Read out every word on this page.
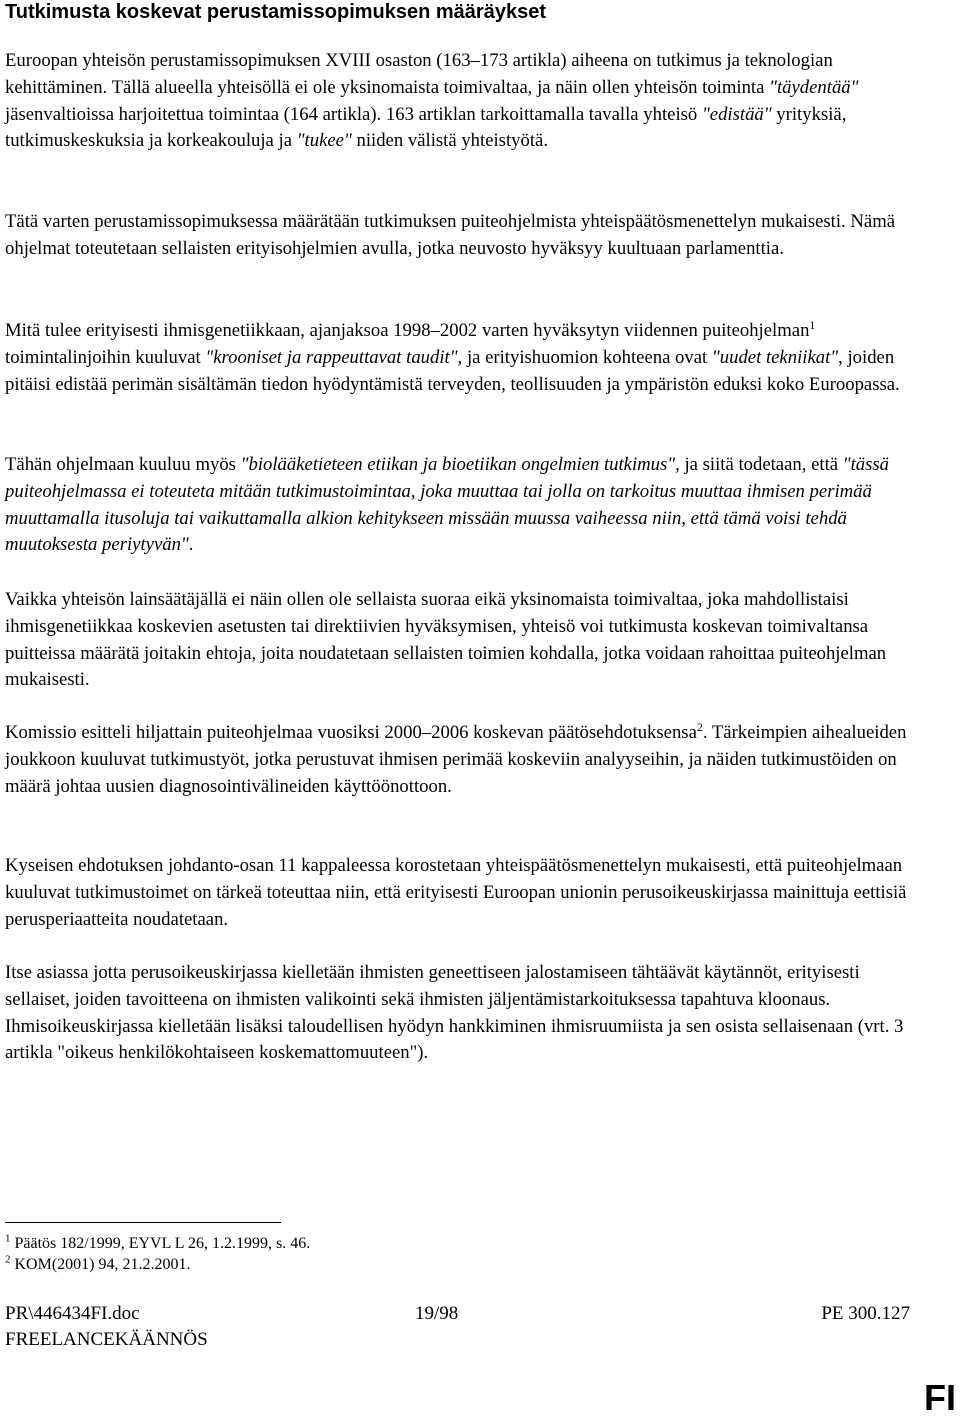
Tutkimusta koskevat perustamissopimuksen määräykset

Euroopan yhteisön perustamissopimuksen XVIII osaston (163–173 artikla) aiheena on tutkimus ja teknologian kehittäminen. Tällä alueella yhteisöllä ei ole yksinomaista toimivaltaa, ja näin ollen yhteisön toiminta "täydentää" jäsenvaltioissa harjoitettua toimintaa (164 artikla). 163 artiklan tarkoittamalla tavalla yhteisö "edistää" yrityksiä, tutkimuskeskuksia ja korkeakouluja ja "tukee" niiden välistä yhteistyötä.

Tätä varten perustamissopimuksessa määrätään tutkimuksen puiteohjelmista yhteispäätösmenettelyn mukaisesti. Nämä ohjelmat toteutetaan sellaisten erityisohjelmien avulla, jotka neuvosto hyväksyy kuultuaan parlamenttia.

Mitä tulee erityisesti ihmisgenetiikkaan, ajanjaksoa 1998–2002 varten hyväksytyn viidennen puiteohjelman$^1$ toimintalinjoihin kuuluvat "krooniset ja rappeuttavat taudit", ja erityishuomion kohteena ovat "uudet tekniikat", joiden pitäisi edistää perimän sisältämän tiedon hyödyntämistä terveyden, teollisuuden ja ympäristön eduksi koko Euroopassa.

Tähän ohjelmaan kuuluu myös "biolääketieteen etiikan ja bioetiikan ongelmien tutkimus", ja siitä todetaan, että "tässä puiteohjelmassa ei toteuteta mitään tutkimustoimintaa, joka muuttaa tai jolla on tarkoitus muuttaa ihmisen perimää muuttamalla itusoluja tai vaikuttamalla alkion kehitykseen missään muussa vaiheessa niin, että tämä voisi tehdä muutoksesta periytyvän".

Vaikka yhteisön lainsäätäjällä ei näin ollen ole sellaista suoraa eikä yksinomaista toimivaltaa, joka mahdollistaisi ihmisgenetiikkaa koskevien asetusten tai direktiivien hyväksymisen, yhteisö voi tutkimusta koskevan toimivaltansa puitteissa määrätä joitakin ehtoja, joita noudatetaan sellaisten toimien kohdalla, jotka voidaan rahoittaa puiteohjelman mukaisesti.

Komissio esitteli hiljattain puiteohjelmaa vuosiksi 2000–2006 koskevan päätösehdotuksensa$^2$. Tärkeimpien aihealueiden joukkoon kuuluvat tutkimustyöt, jotka perustuvat ihmisen perimää koskeviin analyyseihin, ja näiden tutkimustöiden on määrä johtaa uusien diagnosointivälineiden käyttöönottoon.

Kyseisen ehdotuksen johdanto-osan 11 kappaleessa korostetaan yhteispäätösmenettelyn mukaisesti, että puiteohjelmaan kuuluvat tutkimustoimet on tärkeä toteuttaa niin, että erityisesti Euroopan unionin perusoikeuskirjassa mainittuja eettisiä perusperiaatteita noudatetaan.

Itse asiassa jotta perusoikeuskirjassa kielletään ihmisten geneettiseen jalostamiseen tähtäävät käytännöt, erityisesti sellaiset, joiden tavoitteena on ihmisten valikointi sekä ihmisten jäljentämistarkoituksessa tapahtuva kloonaus. Ihmisoikeuskirjassa kielletään lisäksi taloudellisen hyödyn hankkiminen ihmisruumiista ja sen osista sellaisenaan (vrt. 3 artikla "oikeus henkilökohtaiseen koskemattomuuteen").

$^1$ Päätös 182/1999, EYVL L 26, 1.2.1999, s. 46.
$^2$ KOM(2001) 94, 21.2.2001.
PR\446434FI.doc	19/98	PE 300.127
FREELANCEKÄÄNNÖS
FI
